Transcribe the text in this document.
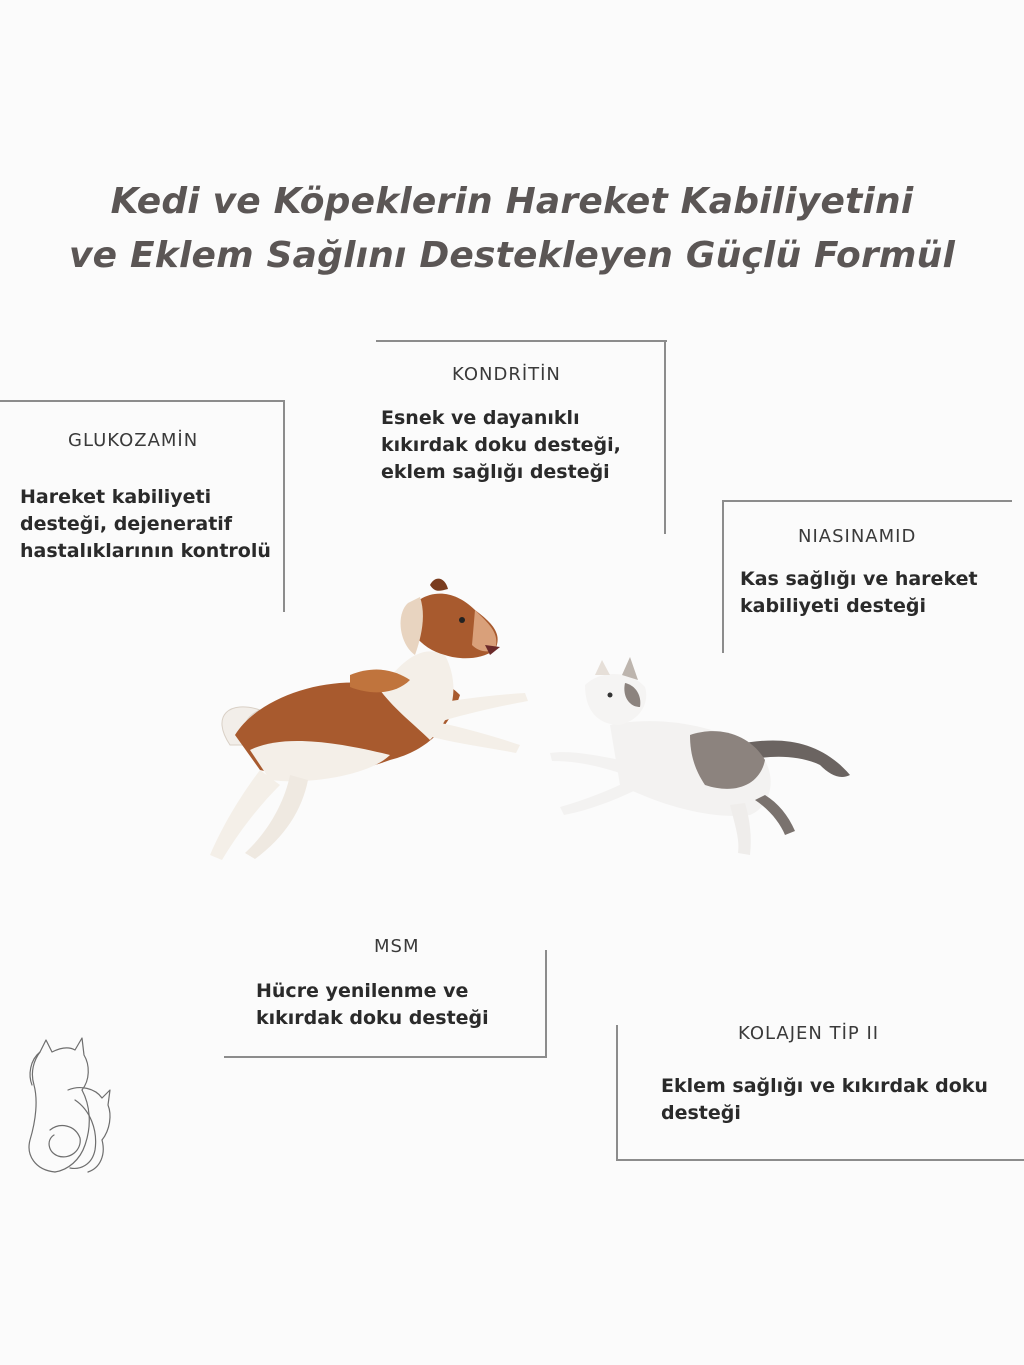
Kedi ve Köpeklerin Hareket Kabiliyetini
ve Eklem Sağlını Destekleyen Güçlü Formül
GLUKOZAMİN
Hareket kabiliyeti desteği, dejeneratif hastalıklarının kontrolü
KONDRİTİN
Esnek ve dayanıklı kıkırdak doku desteği, eklem sağlığı desteği
NIASINAMID
Kas sağlığı ve hareket kabiliyeti desteği
MSM
Hücre yenilenme ve kıkırdak doku desteği
KOLAJEN TİP II
Eklem sağlığı ve kıkırdak doku desteği
